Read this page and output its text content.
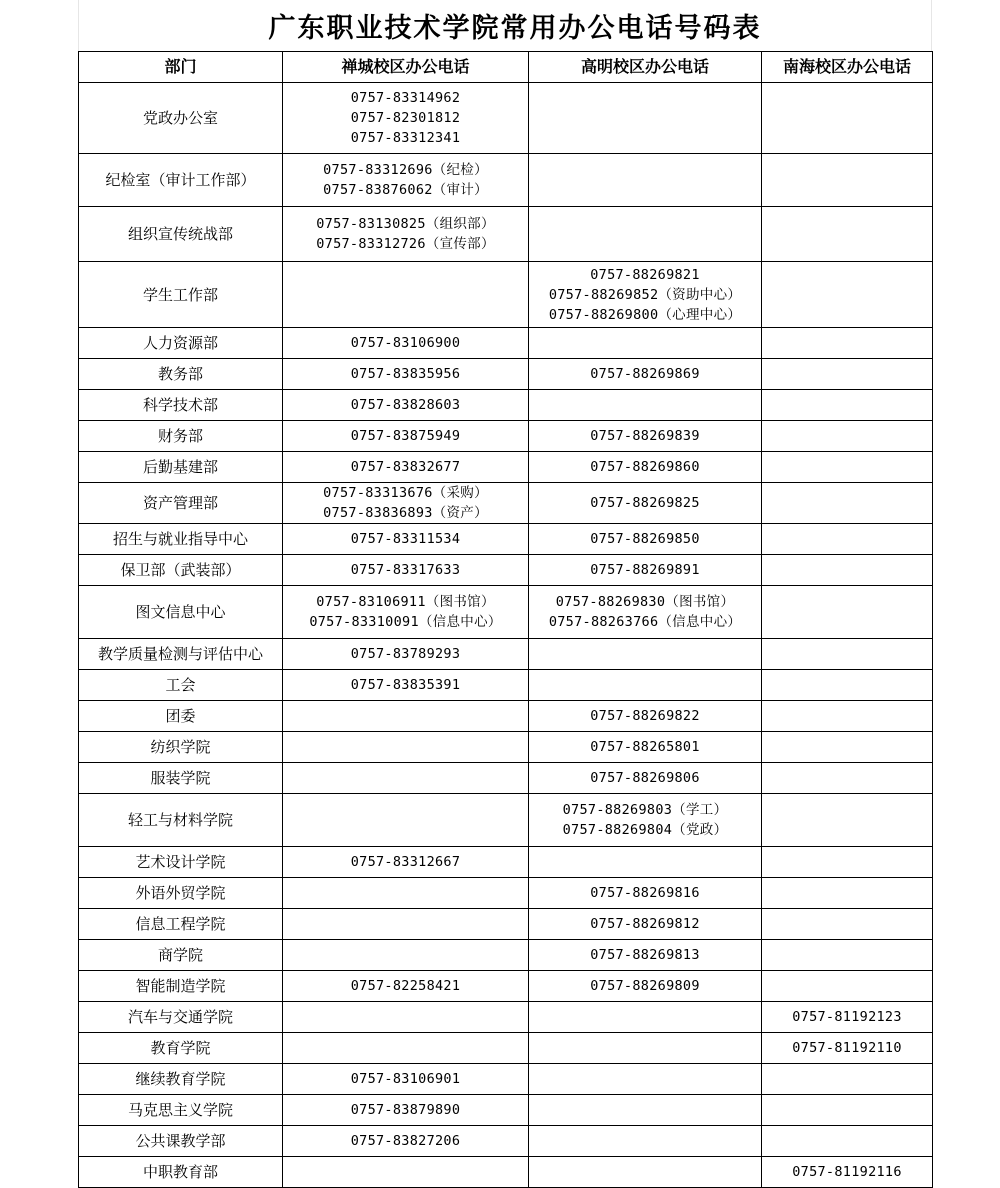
广东职业技术学院常用办公电话号码表
部门	禅城校区办公电话	高明校区办公电话	南海校区办公电话
党政办公室	0757-83314962
0757-82301812
0757-83312341		

纪检室（审计工作部）	0757-83312696（纪检）
0757-83876062（审计）		

组织宣传统战部	0757-83130825（组织部）
0757-83312726（宣传部）		

学生工作部		0757-88269821
0757-88269852（资助中心）
0757-88269800（心理中心）	

人力资源部	0757-83106900		

教务部	0757-83835956	0757-88269869	

科学技术部	0757-83828603		

财务部	0757-83875949	0757-88269839	

后勤基建部	0757-83832677	0757-88269860	

资产管理部	0757-83313676（采购）
0757-83836893（资产）	0757-88269825	

招生与就业指导中心	0757-83311534	0757-88269850	

保卫部（武装部）	0757-83317633	0757-88269891	

图文信息中心	0757-83106911（图书馆）
0757-83310091（信息中心）	0757-88269830（图书馆）
0757-88263766（信息中心）	

教学质量检测与评估中心	0757-83789293		

工会	0757-83835391		

团委		0757-88269822	

纺织学院		0757-88265801	

服装学院		0757-88269806	

轻工与材料学院		0757-88269803（学工）
0757-88269804（党政）	

艺术设计学院	0757-83312667		

外语外贸学院		0757-88269816	

信息工程学院		0757-88269812	

商学院		0757-88269813	

智能制造学院	0757-82258421	0757-88269809	

汽车与交通学院			0757-81192123

教育学院			0757-81192110

继续教育学院	0757-83106901		

马克思主义学院	0757-83879890		

公共课教学部	0757-83827206		

中职教育部			0757-81192116
